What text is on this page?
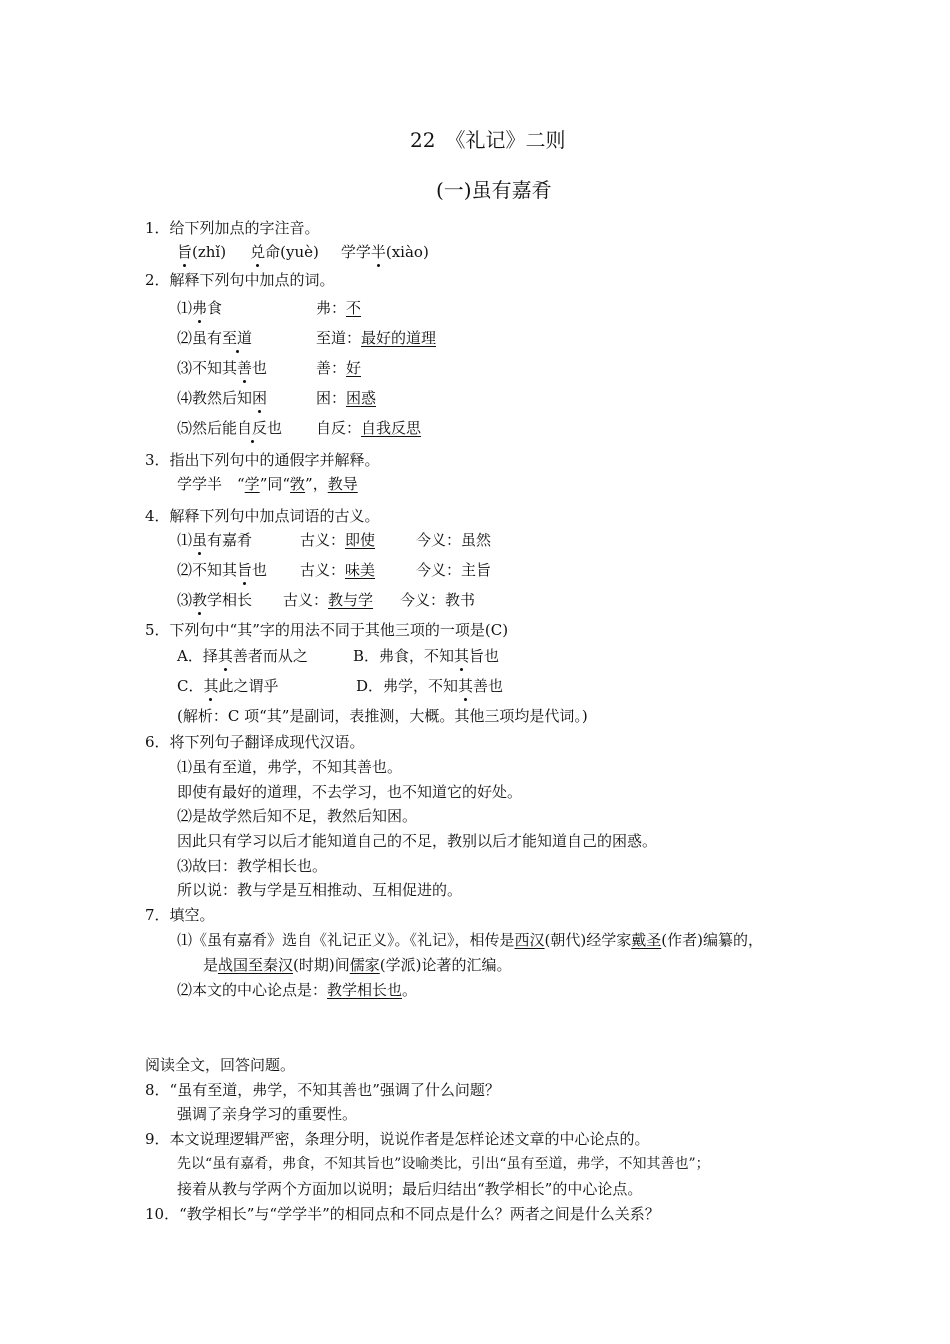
22　《礼记》二则
(一)虽有嘉肴
1．给下列加点的字注音。
旨(zhǐ) 兑命(yuè) 学学半(xiào)
2．解释下列句中加点的词。
⑴弗食	弗：不
⑵虽有至道	至道：最好的道理
⑶不知其善也	善：好
⑷教然后知困	困：困惑
⑸然后能自反也 自反：自我反思
3．指出下列句中的通假字并解释。
学学半　“学”同“敩”，教导
4．解释下列句中加点词语的古义。
⑴虽有嘉肴	古义：即使	今义：虽然
⑵不知其旨也 古义：味美	今义：主旨
⑶教学相长 古义：教与学 今义：教书
5．下列句中“其”字的用法不同于其他三项的一项是(C)
A．择其善者而从之	B．弗食，不知其旨也
C．其此之谓乎	D．弗学，不知其善也
(解析：C 项“其”是副词，表推测，大概。其他三项均是代词。)
6．将下列句子翻译成现代汉语。
⑴虽有至道，弗学，不知其善也。
即使有最好的道理，不去学习，也不知道它的好处。
⑵是故学然后知不足，教然后知困。
因此只有学习以后才能知道自己的不足，教别以后才能知道自己的困惑。
⑶故曰：教学相长也。
所以说：教与学是互相推动、互相促进的。
7．填空。
⑴《虽有嘉肴》选自《礼记正义》。《礼记》，相传是西汉(朝代)经学家戴圣(作者)编纂的，
是战国至秦汉(时期)间儒家(学派)论著的汇编。
⑵本文的中心论点是：教学相长也。
阅读全文，回答问题。
8．“虽有至道，弗学，不知其善也”强调了什么问题？
强调了亲身学习的重要性。
9．本文说理逻辑严密，条理分明，说说作者是怎样论述文章的中心论点的。
先以“虽有嘉肴，弗食，不知其旨也”设喻类比，引出“虽有至道，弗学，不知其善也”；
接着从教与学两个方面加以说明；最后归结出“教学相长”的中心论点。
10．“教学相长”与“学学半”的相同点和不同点是什么？两者之间是什么关系？
